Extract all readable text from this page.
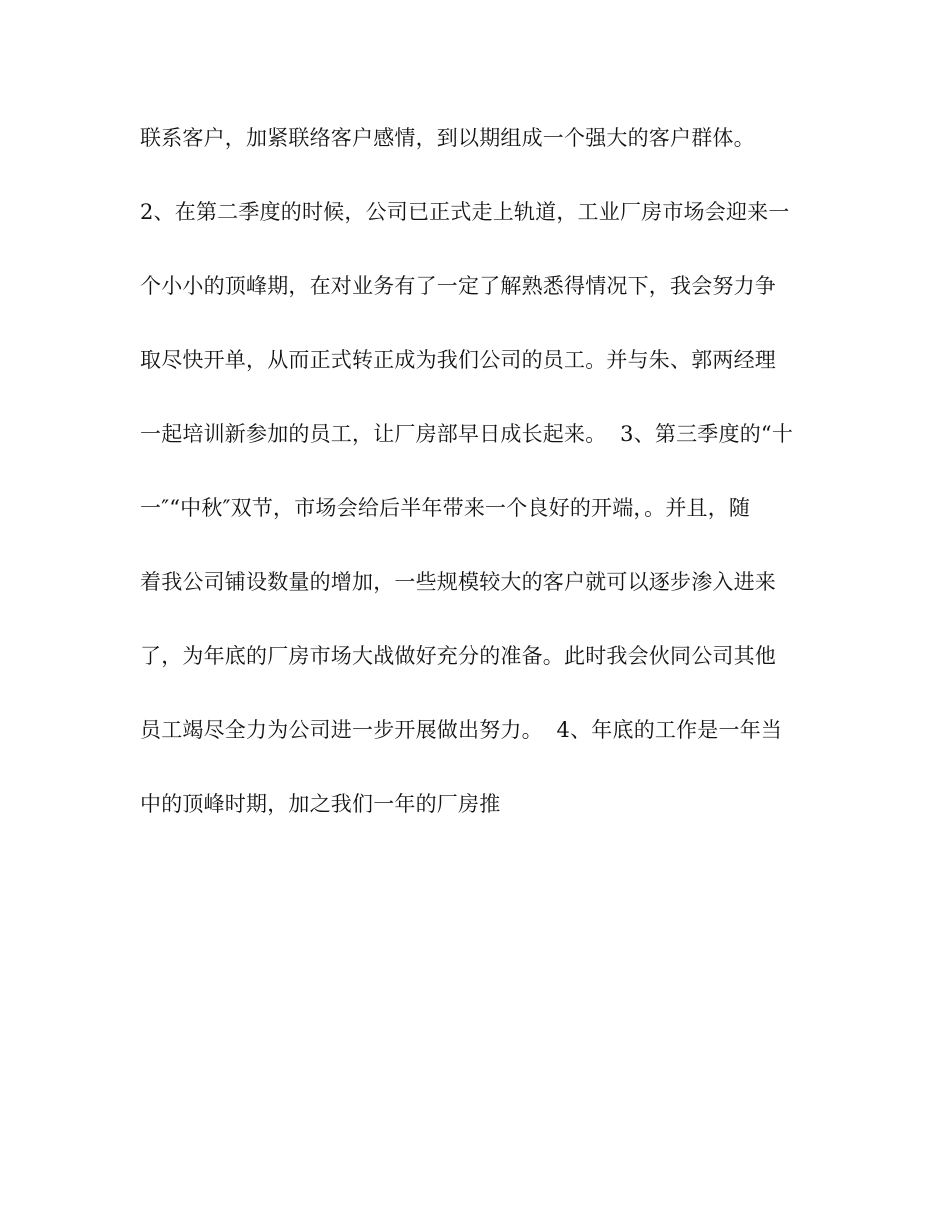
联系客户，加紧联络客户感情，到以期组成一个强大的客户群体。
2、在第二季度的时候，公司已正式走上轨道，工业厂房市场会迎来一
个小小的顶峰期，在对业务有了一定了解熟悉得情况下，我会努力争
取尽快开单，从而正式转正成为我们公司的员工。并与朱、郭两经理
一起培训新参加的员工，让厂房部早日成长起来。  3、第三季度的“十
一″“中秋″双节，市场会给后半年带来一个良好的开端，。并且，随
着我公司铺设数量的增加，一些规模较大的客户就可以逐步渗入进来
了，为年底的厂房市场大战做好充分的准备。此时我会伙同公司其他
员工竭尽全力为公司进一步开展做出努力。  4、年底的工作是一年当
中的顶峰时期，加之我们一年的厂房推
